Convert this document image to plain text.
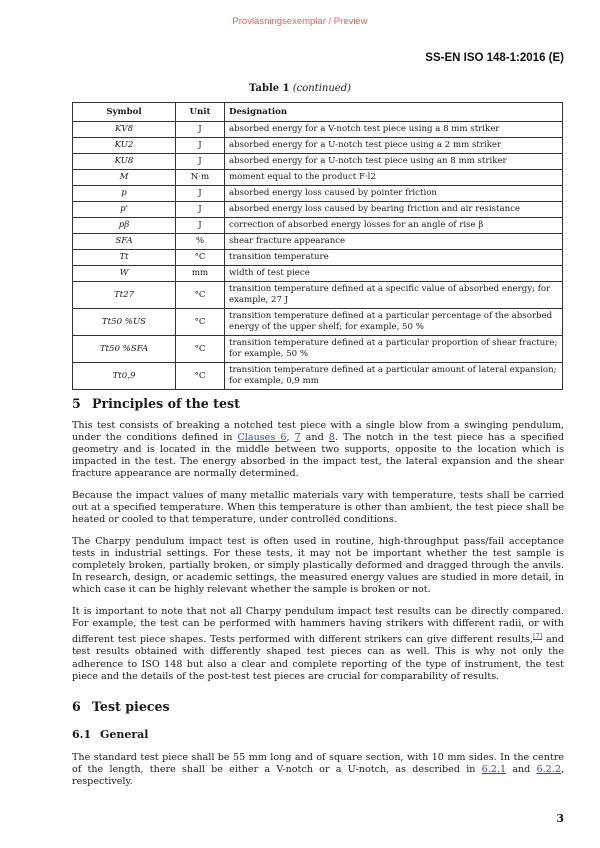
Provläsningsexemplar / Preview
SS-EN ISO 148-1:2016 (E)
Table 1 (continued)
Symbol	Unit	Designation
KV8	J	absorbed energy for a V-notch test piece using a 8 mm striker
KU2	J	absorbed energy for a U-notch test piece using a 2 mm striker
KU8	J	absorbed energy for a U-notch test piece using an 8 mm striker
M	N·m	moment equal to the product F·l2
p	J	absorbed energy loss caused by pointer friction
p'	J	absorbed energy loss caused by bearing friction and air resistance
pβ	J	correction of absorbed energy losses for an angle of rise β
SFA	%	shear fracture appearance
Tt	°C	transition temperature
W	mm	width of test piece
Tt27	°C	transition temperature defined at a specific value of absorbed energy; for example, 27 J
Tt50 %US	°C	transition temperature defined at a particular percentage of the absorbed energy of the upper shelf; for example, 50 %
Tt50 %SFA	°C	transition temperature defined at a particular proportion of shear fracture; for example, 50 %
Tt0,9	°C	transition temperature defined at a particular amount of lateral expansion; for example, 0,9 mm
5 Principles of the test

This test consists of breaking a notched test piece with a single blow from a swinging pendulum, under the conditions defined in Clauses 6, 7 and 8. The notch in the test piece has a specified geometry and is located in the middle between two supports, opposite to the location which is impacted in the test. The energy absorbed in the impact test, the lateral expansion and the shear fracture appearance are normally determined.

Because the impact values of many metallic materials vary with temperature, tests shall be carried out at a specified temperature. When this temperature is other than ambient, the test piece shall be heated or cooled to that temperature, under controlled conditions.

The Charpy pendulum impact test is often used in routine, high-throughput pass/fail acceptance tests in industrial settings. For these tests, it may not be important whether the test sample is completely broken, partially broken, or simply plastically deformed and dragged through the anvils. In research, design, or academic settings, the measured energy values are studied in more detail, in which case it can be highly relevant whether the sample is broken or not.

It is important to note that not all Charpy pendulum impact test results can be directly compared. For example, the test can be performed with hammers having strikers with different radii, or with different test piece shapes. Tests performed with different strikers can give different results,[7] and test results obtained with differently shaped test pieces can as well. This is why not only the adherence to ISO 148 but also a clear and complete reporting of the type of instrument, the test piece and the details of the post-test test pieces are crucial for comparability of results.

6 Test pieces
6.1 General

The standard test piece shall be 55 mm long and of square section, with 10 mm sides. In the centre of the length, there shall be either a V-notch or a U-notch, as described in 6.2.1 and 6.2.2, respectively.

3
